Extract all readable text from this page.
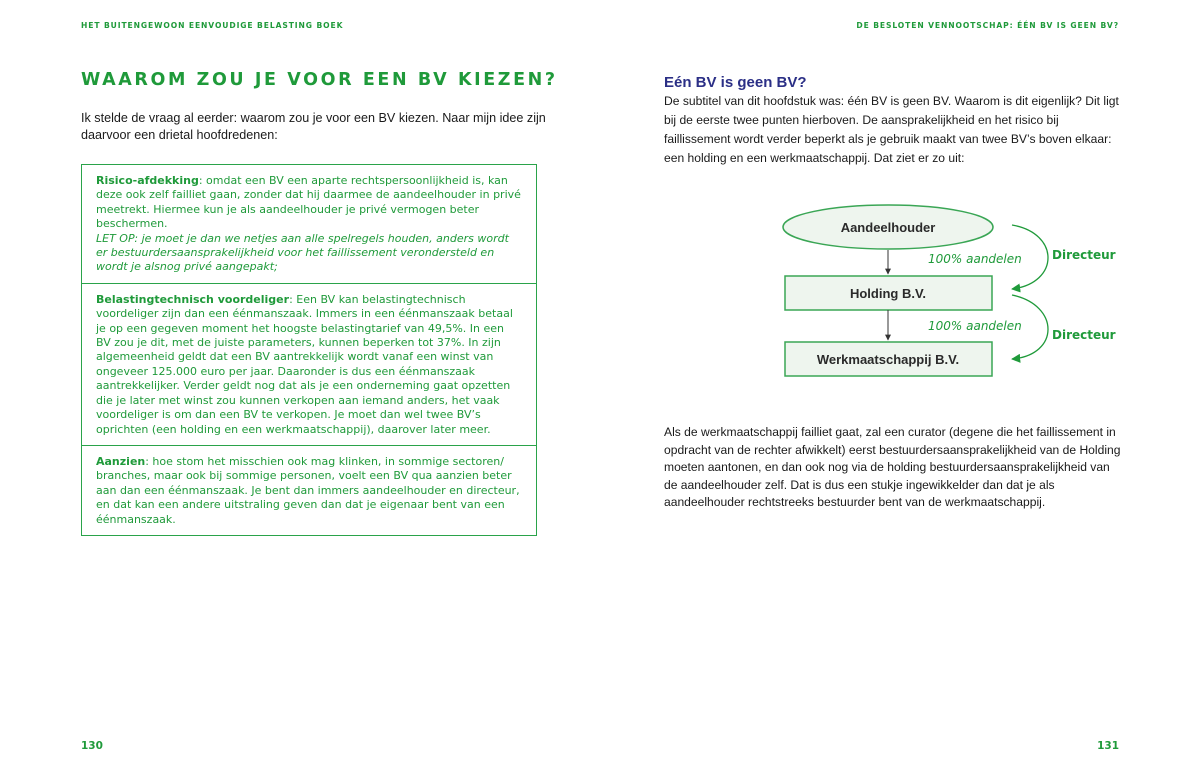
HET BUITENGEWOON EENVOUDIGE BELASTING BOEK	DE BESLOTEN VENNOOTSCHAP: ÉÉN BV IS GEEN BV?
WAAROM ZOU JE VOOR EEN BV KIEZEN?

Ik stelde de vraag al eerder: waarom zou je voor een BV kiezen. Naar mijn idee zijn daarvoor een drietal hoofdredenen:

Risico-afdekking: omdat een BV een aparte rechtspersoonlijkheid is, kan deze ook zelf failliet gaan, zonder dat hij daarmee de aandeelhouder in privé meetrekt. Hiermee kun je als aandeelhouder je privé vermogen beter beschermen.
LET OP: je moet je dan we netjes aan alle spelregels houden, anders wordt er bestuurdersaansprakelijkheid voor het faillissement verondersteld en wordt je alsnog privé aangepakt;
Belastingtechnisch voordeliger: Een BV kan belastingtechnisch voordeliger zijn dan een éénmanszaak. Immers in een éénmanszaak betaal je op een gegeven moment het hoogste belastingtarief van 49,5%. In een BV zou je dit, met de juiste parameters, kunnen beperken tot 37%. In zijn algemeenheid geldt dat een BV aantrekkelijk wordt vanaf een winst van ongeveer 125.000 euro per jaar. Daaronder is dus een éénmanszaak aantrekkelijker. Verder geldt nog dat als je een onderneming gaat opzetten die je later met winst zou kunnen verkopen aan iemand anders, het vaak voordeliger is om dan een BV te verkopen. Je moet dan wel twee BV’s oprichten (een holding en een werkmaatschappij), daarover later meer.
Aanzien: hoe stom het misschien ook mag klinken, in sommige sectoren/ branches, maar ook bij sommige personen, voelt een BV qua aanzien beter aan dan een éénmanszaak. Je bent dan immers aandeelhouder en directeur, en dat kan een andere uitstraling geven dan dat je eigenaar bent van een éénmanszaak.
130
Eén BV is geen BV?

De subtitel van dit hoofdstuk was: één BV is geen BV. Waarom is dit eigenlijk? Dit ligt bij de eerste twee punten hierboven. De aansprakelijkheid en het risico bij faillissement wordt verder beperkt als je gebruik maakt van twee BV’s boven elkaar: een holding en een werkmaatschappij. Dat ziet er zo uit:

Aandeelhouder
100% aandelen
Holding B.V.
100% aandelen
Werkmaatschappij B.V.
Directeur
Directeur

Als de werkmaatschappij failliet gaat, zal een curator (degene die het faillissement in opdracht van de rechter afwikkelt) eerst bestuurdersaansprakelijkheid van de Holding moeten aantonen, en dan ook nog via de holding bestuurdersaansprakelijkheid van de aandeelhouder zelf. Dat is dus een stukje ingewikkelder dan dat je als aandeelhouder rechtstreeks bestuurder bent van de werkmaatschappij.

131
